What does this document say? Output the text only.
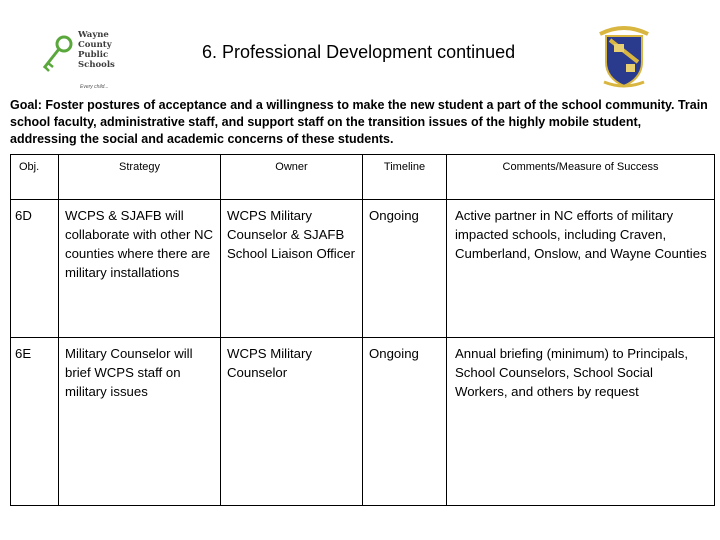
Wayne
County
Public
Schools
Every child...
6. Professional Development continued
Goal: Foster postures of acceptance and a willingness to make the new student a part of the school community. Train school faculty, administrative staff, and support staff on the transition issues of the highly mobile student, addressing the social and academic concerns of these students.
Obj.	Strategy	Owner	Timeline	Comments/Measure of Success
6D	WCPS & SJAFB will collaborate with other NC counties where there are military installations	WCPS Military Counselor & SJAFB School Liaison Officer	Ongoing	Active partner in NC efforts of military impacted schools, including Craven, Cumberland, Onslow, and Wayne Counties
6E	Military Counselor will brief WCPS staff on military issues	WCPS Military Counselor	Ongoing	Annual briefing (minimum) to Principals, School Counselors, School Social Workers, and others by request
